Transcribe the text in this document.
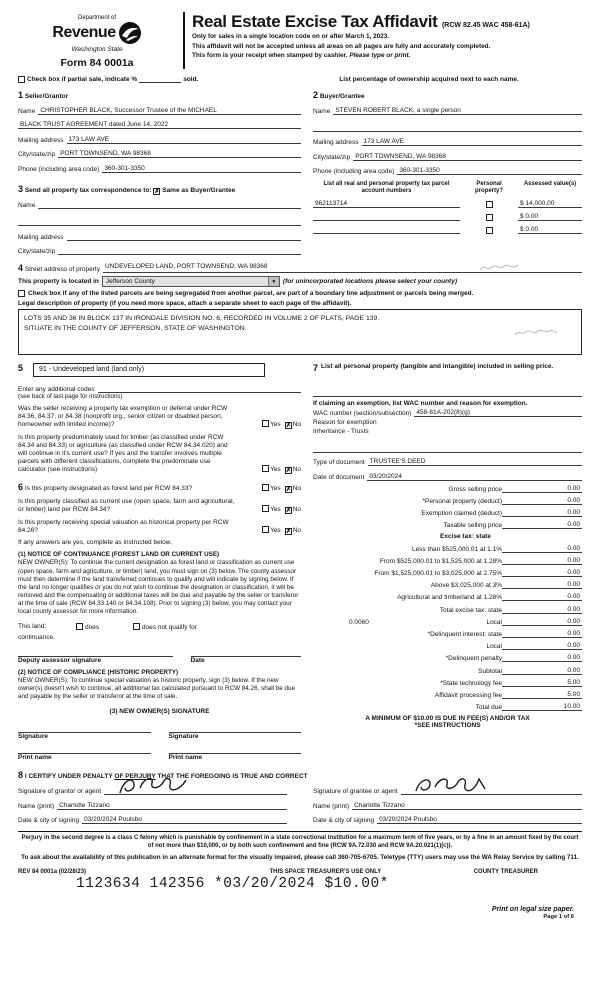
Department of
Revenue
Washington State
Form 84 0001a
Real Estate Excise Tax Affidavit (RCW 82.45 WAC 458-61A)
Only for sales in a single location code on or after March 1, 2023.
This affidavit will not be accepted unless all areas on all pages are fully and accurately completed.
This form is your receipt when stamped by cashier. Please type or print.
Check box if partial sale, indicate %	sold.	List percentage of ownership acquired next to each name.
1 Seller/Grantor
Name CHRISTOPHER BLACK, Successor Trustee of the MICHAEL
BLACK TRUST AGREEMENT dated June 14, 2022
Mailing address 173 LAW AVE
City/state/zip PORT TOWNSEND, WA 98368
Phone (including area code) 360-301-3350
3 Send all property tax correspondence to: ✗ Same as Buyer/Grantee
Name
Mailing address
City/state/zip
2 Buyer/Grantee
Name STEVEN ROBERT BLACK, a single person
Mailing address 173 LAW AVE
City/state/zip PORT TOWNSEND, WA 98368
Phone (including area code) 360-301-3350
List all real and personal property tax parcel account numbers
Personal property?
Assessed value(s)
962113714	$ 14,000.00
$ 0.00
$ 0.00
4
Street address of property UNDEVELOPED LAND, PORT TOWNSEND, WA 98368
This property is located in Jefferson County	▼	(for unincorporated locations please select your county)
Check box if any of the listed parcels are being segregated from another parcel, are part of a boundary line adjustment or parcels being merged.
Legal description of property (if you need more space, attach a separate sheet to each page of the affidavit).
LOTS 35 AND 36 IN BLOCK 137 IN IRONDALE DIVISION NO. 6, RECORDED IN VOLUME 2 OF PLATS, PAGE 139.
SITUATE IN THE COUNTY OF JEFFERSON, STATE OF WASHINGTON.
5	91 - Undeveloped land (land only)
Enter any additional codes
(see back of last page for instructions)
Was the seller receiving a property tax exemption or deferral under RCW 84.36, 84.37, or 84.38 (nonprofit org., senior citizen or disabled person, homeowner with limited income)?	Yes ✗ No
Is this property predominately used for timber (as classified under RCW 84.34 and 84.33) or agriculture (as classified under RCW 84.34.020) and will continue in it's current use? If yes and the transfer involves multiple parcels with different classifications, complete the predominate use calculator (see instructions)	Yes ✗ No
6 Is this property designated as forest land per RCW 84.33?	Yes ✗ No
Is this property classified as current use (open space, farm and agricultural, or timber) land per RCW 84.34?	Yes ✗ No
Is this property receiving special valuation as historical property per RCW 84.26?	Yes ✗ No
If any answers are yes, complete as instructed below.
(1) NOTICE OF CONTINUANCE (FOREST LAND OR CURRENT USE)
NEW OWNER(S): To continue the current designation as forest land or classification as current use (open space, farm and agriculture, or timber) land, you must sign on (3) below. The county assessor must then determine if the land transferred continues to qualify and will indicate by signing below. If the land no longer qualifies or you do not wish to continue the designation or classification, it will be removed and the compensating or additional taxes will be due and payable by the seller or transferor at the time of sale (RCW 84.33.140 or 84.34.108). Prior to signing (3) below, you may contact your local county assessor for more information.
This land:	does	does not qualify for
continuance.
Deputy assessor signature	Date
(2) NOTICE OF COMPLIANCE (HISTORIC PROPERTY)
NEW OWNER(S): To continue special valuation as historic property, sign (3) below. If the new owner(s) doesn't wish to continue, all additional tax calculated pursuant to RCW 84.26, shall be due and payable by the seller or transferor at the time of sale.
(3) NEW OWNER(S) SIGNATURE
Signature	Signature
Print name	Print name
7 List all personal property (tangible and intangible) included in selling price.
If claiming an exemption, list WAC number and reason for exemption.
WAC number (section/subsection) 458-61A-202(8)(g)
Reason for exemption
Inheritance - Trusts
Type of document TRUSTEE'S DEED
Date of document 03/20/2024
Gross selling price	0.00
*Personal property (deduct)	0.00
Exemption claimed (deduct)	0.00
Taxable selling price	0.00
Excise tax: state
Less than $525,000.01 at 1.1%	0.00
From $525,000.01 to $1,525,000 at 1.28%	0.00
From $1,525,000.01 to $3,025,000 at 2.75%	0.00
Above $3,025,000 at 3%	0.00
Agricultural and timberland at 1.28%	0.00
Total excise tax: state	0.00
0.0060	Local	0.00
*Delinquent interest: state	0.00
Local	0.00
*Delinquent penalty	0.00
Subtotal	0.00
*State technology fee	5.00
Affidavit processing fee	5.00
Total due	10.00
A MINIMUM OF $10.00 IS DUE IN FEE(S) AND/OR TAX
*SEE INSTRUCTIONS
8 I CERTIFY UNDER PENALTY OF PERJURY THAT THE FOREGOING IS TRUE AND CORRECT
Signature of grantor or agent
Name (print) Charlotte Tizzano
Date & city of signing 03/20/2024 Poulsbo
Signature of grantee or agent
Name (print) Charlotte Tizzano
Date & city of signing 03/20/2024 Poulsbo
Perjury in the second degree is a class C felony which is punishable by confinement in a state correctional institution for a maximum term of five years, or by a fine in an amount fixed by the court of not more than $10,000, or by both such confinement and fine (RCW 9A.72.030 and RCW 9A.20.021(1)(c)).
To ask about the availability of this publication in an alternate format for the visually impaired, please call 360-705-6705. Teletype (TTY) users may use the WA Relay Service by calling 711.
REV 84 0001a (02/28/23)	THIS SPACE TREASURER'S USE ONLY	COUNTY TREASURER
1123634 142356 *03/20/2024 $10.00*
Print on legal size paper.
Page 1 of 6
